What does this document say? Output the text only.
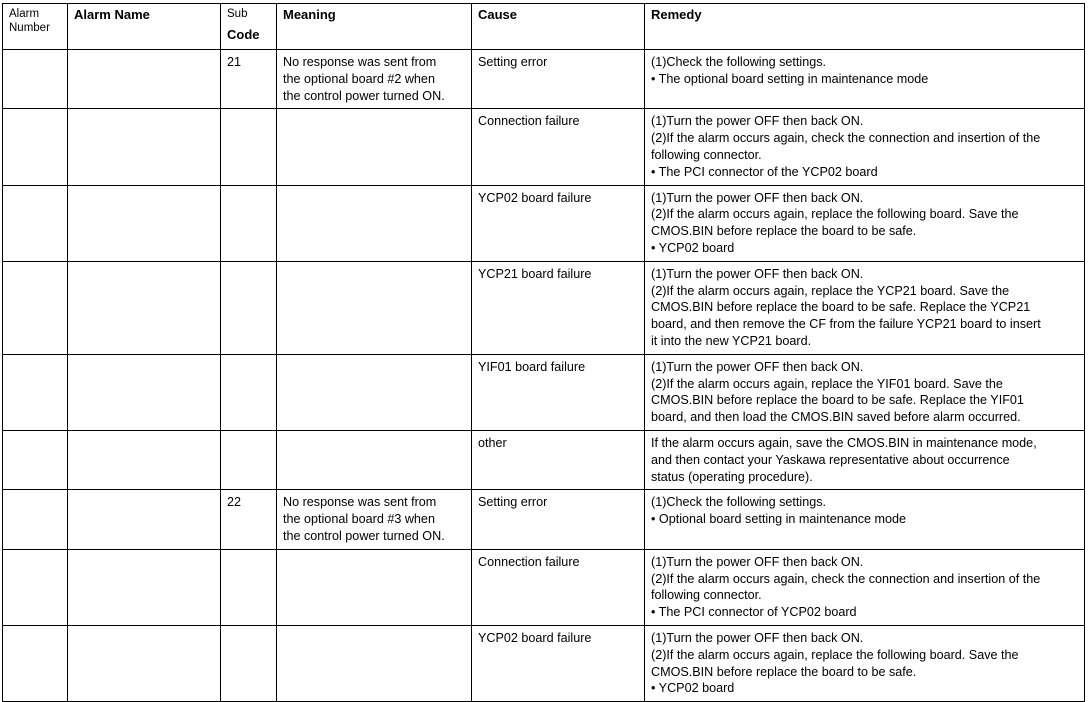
Alarm
Number	Alarm Name	Sub
Code	Meaning	Cause	Remedy

		21	No response was sent from
the optional board #2 when
the control power turned ON.	Setting error	(1)Check the following settings.
• The optional board setting in maintenance mode

				Connection failure	(1)Turn the power OFF then back ON.
(2)If the alarm occurs again, check the connection and insertion of the
following connector.
• The PCI connector of the YCP02 board

				YCP02 board failure	(1)Turn the power OFF then back ON.
(2)If the alarm occurs again, replace the following board. Save the
CMOS.BIN before replace the board to be safe.
• YCP02 board

				YCP21 board failure	(1)Turn the power OFF then back ON.
(2)If the alarm occurs again, replace the YCP21 board. Save the
CMOS.BIN before replace the board to be safe. Replace the YCP21
board, and then remove the CF from the failure YCP21 board to insert
it into the new YCP21 board.

				YIF01 board failure	(1)Turn the power OFF then back ON.
(2)If the alarm occurs again, replace the YIF01 board. Save the
CMOS.BIN before replace the board to be safe. Replace the YIF01
board, and then load the CMOS.BIN saved before alarm occurred.

				other	If the alarm occurs again, save the CMOS.BIN in maintenance mode,
and then contact your Yaskawa representative about occurrence
status (operating procedure).

		22	No response was sent from
the optional board #3 when
the control power turned ON.	Setting error	(1)Check the following settings.
• Optional board setting in maintenance mode

				Connection failure	(1)Turn the power OFF then back ON.
(2)If the alarm occurs again, check the connection and insertion of the
following connector.
• The PCI connector of YCP02 board

				YCP02 board failure	(1)Turn the power OFF then back ON.
(2)If the alarm occurs again, replace the following board. Save the
CMOS.BIN before replace the board to be safe.
• YCP02 board
